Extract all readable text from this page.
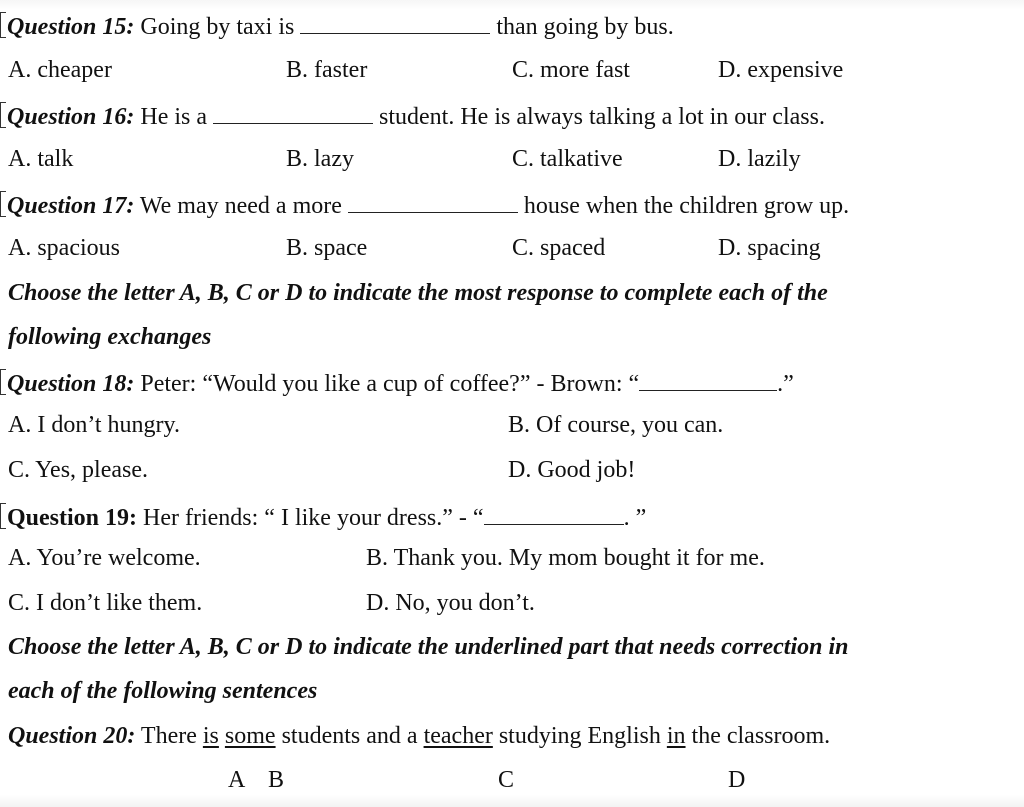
Question 15: Going by taxi is	than going by bus.
A. cheaper	B. faster	C. more fast	D. expensive
Question 16: He is a	student. He is always talking a lot in our class.
A. talk	B. lazy	C. talkative	D. lazily
Question 17: We may need a more	house when the children grow up.
A. spacious	B. space	C. spaced	D. spacing
Choose the letter A, B, C or D to indicate the most response to complete each of the
following exchanges
Question 18: Peter: “Would you like a cup of coffee?” - Brown: “	.”
A. I don’t hungry.	B. Of course, you can.
C. Yes, please.	D. Good job!
Question 19: Her friends: “ I like your dress.” - “	. ”
A. You’re welcome.	B. Thank you. My mom bought it for me.
C. I don’t like them.	D. No, you don’t.
Choose the letter A, B, C or D to indicate the underlined part that needs correction in
each of the following sentences
Question 20: There is some students and a teacher studying English in the classroom.
A B	C	D
